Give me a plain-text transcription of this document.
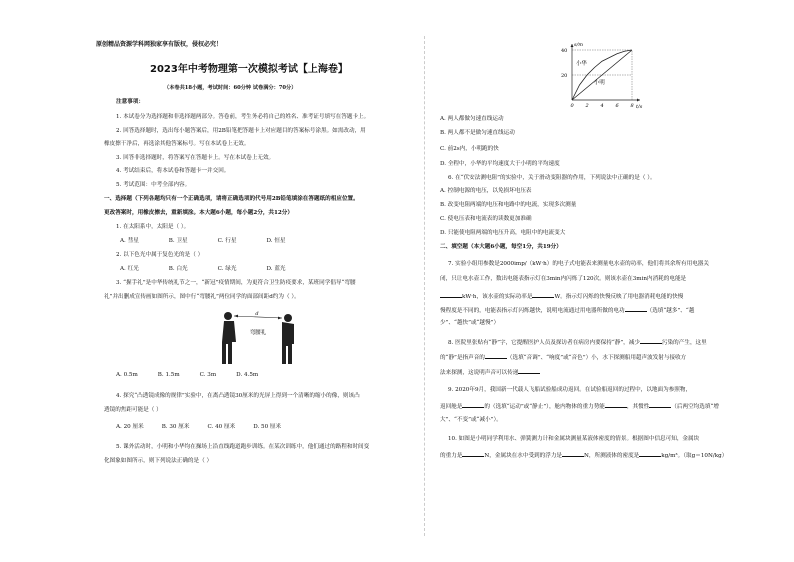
原创精品资源学科网独家享有版权，侵权必究！
2023年中考物理第一次模拟考试【上海卷】
（本卷共18小题，考试时间：60分钟 试卷满分：70分）
注意事项：
1. 本试卷分为选择题和非选择题两部分。答卷前，考生务必将自己的姓名、准考证号填写在答题卡上。
2. 回答选择题时，选出每小题答案后，用2B铅笔把答题卡上对应题目的答案标号涂黑。如需改动，用
橡皮擦干净后，再选涂其他答案标号。写在本试卷上无效。
3. 回答非选择题时，将答案写在答题卡上。写在本试卷上无效。
4. 考试结束后，将本试卷和答题卡一并交回。
5. 考试范围：中考全部内容。
一、选择题（下列各题均只有一个正确选项，请将正确选项的代号用2B铅笔填涂在答题纸的相应位置。
更改答案时，用橡皮擦去，重新填涂。本大题6小题，每小题2分，共12分）
1. 在太阳系中，太阳是（ ）。
A. 彗星	B. 卫星	C. 行星	D. 恒星
2. 以下色光中属于复色光的是（ ）
A. 红光	B. 白光	C. 绿光	D. 蓝光
3. “握手礼”是中华传统礼节之一，“新冠”疫情期间，为更符合卫生防疫要求，某班同学倡导“弯腰
礼”并出删成宣传画如图所示，图中行“弯腰礼”两位同学的面部间距d约为（ ）。
d
弯腰礼
A. 0.5m	B. 1.5m	C. 3m	D. 4.5m
4. 探究“凸透镜成像的规律”实验中，在离凸透镜30厘米的光屏上得到一个清晰的缩小的像，则该凸
透镜的焦距可能是（ ）
A. 20 厘米	B. 30 厘米	C. 40 厘米	D. 50 厘米
5. 课外活动时，小明和小华均在操场上沿直线跑道跑步训练。在某次训练中，他们通过的路程和时间变
化图象如图所示，则下列说法正确的是（ ）
s/m
t/s
0 2 4 6 8
20
40
小华
小明
A. 两人都做匀速直线运动
B. 两人都不是做匀速直线运动
C. 前2s内，小明跑的快
D. 全程中，小华的平均速度大于小明的平均速度
6. 在“伏安法测电阻”的实验中，关于滑动变阻器的作用，下列说法中正确的是（ ）。
A. 控制电源的电压，以免损坏电压表
B. 改变电阻两端的电压和电路中的电流，实现多次测量
C. 使电压表和电流表的读数更加准确
D. 只能使电阻两端的电压升高，电阻中的电流变大
二、填空题（本大题6小题，每空1分，共19分）
7. 实验小组用参数是2000imp/（kW·h）的电子式电能表来测量电水壶的功率，他们将其余所有用电器关
闭，只让电水壶工作，数出电能表指示灯在3min内闪烁了120次。则该水壶在3min内消耗的电能是
kW·h，该水壶的实际功率是	W。指示灯闪烁的快慢反映了用电器消耗电能的快慢
慢程度是不同的，电能表指示灯闪烁越快，说明电流通过用电器所做的电功	（选填“越多”、“越
少”、“越快”或“越慢”）
8. 医院里张贴有“静”字，它提醒医护人员及探访者在病房内要保持“静”，减少	污染的产生，这里
的“静”是指声音的	（选填“音调”、“响度”或“音色”）小，水下探测船用超声波发射与接收方
法来探测，这说明声音可以传递
9. 2020年9月，我国新一代载人飞船试验船成功返回。在试验船返回的过程中，以地面为参照物，
返回舱是	的（选填“运动”或“静止”），舱内物体的重力势能	，其惯性	（后两空均选填“增
大”、“不变”或“减小”）。
10. 如图是小明同学利用水、弹簧测力计和金属块测量某液体密度的情景。根据图中信息可知，金属块
的重力是	N，金属块在水中受到的浮力是	N，所测液体的密度是	kg/m³。（取g＝10N/kg）
